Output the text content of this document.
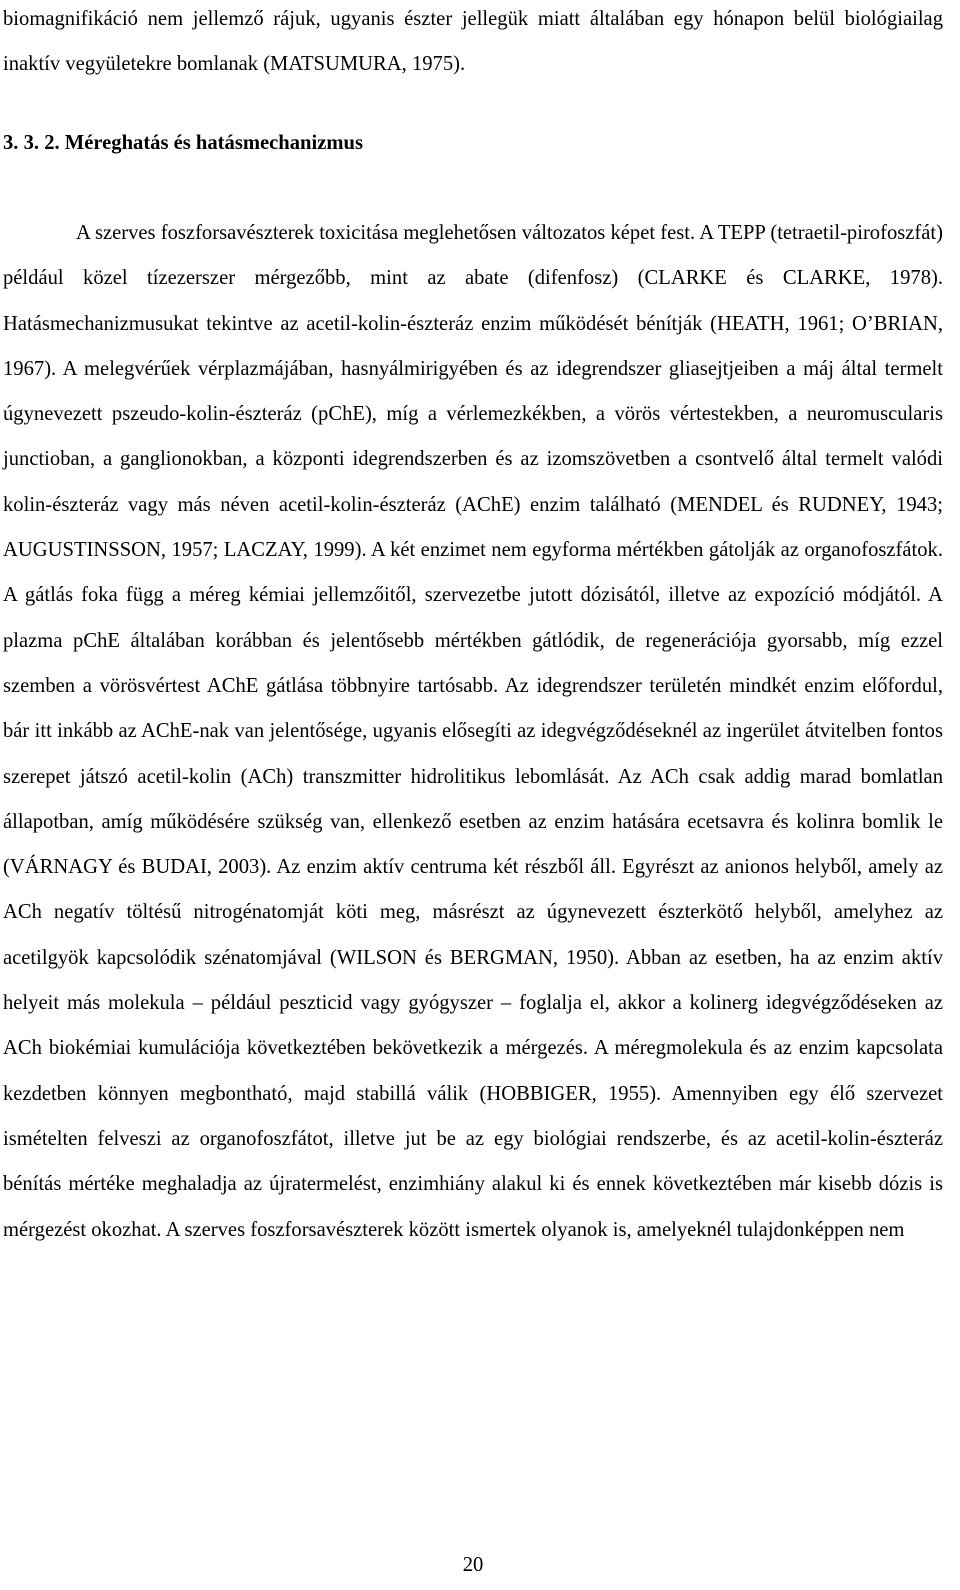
biomagnifikáció nem jellemző rájuk, ugyanis észter jellegük miatt általában egy hónapon belül biológiailag inaktív vegyületekre bomlanak (MATSUMURA, 1975).

3. 3. 2. Méreghatás és hatásmechanizmus

A szerves foszforsavészterek toxicitása meglehetősen változatos képet fest. A TEPP (tetraetil-pirofoszfát) például közel tízezerszer mérgezőbb, mint az abate (difenfosz) (CLARKE és CLARKE, 1978). Hatásmechanizmusukat tekintve az acetil-kolin-észteráz enzim működését bénítják (HEATH, 1961; O’BRIAN, 1967). A melegvérűek vérplazmájában, hasnyálmirigyében és az idegrendszer gliasejtjeiben a máj által termelt úgynevezett pszeudo-kolin-észteráz (pChE), míg a vérlemezkékben, a vörös vértestekben, a neuromuscularis junctioban, a ganglionokban, a központi idegrendszerben és az izomszövetben a csontvelő által termelt valódi kolin-észteráz vagy más néven acetil-kolin-észteráz (AChE) enzim található (MENDEL és RUDNEY, 1943; AUGUSTINSSON, 1957; LACZAY, 1999). A két enzimet nem egyforma mértékben gátolják az organofoszfátok. A gátlás foka függ a méreg kémiai jellemzőitől, szervezetbe jutott dózisától, illetve az expozíció módjától. A plazma pChE általában korábban és jelentősebb mértékben gátlódik, de regenerációja gyorsabb, míg ezzel szemben a vörösvértest AChE gátlása többnyire tartósabb. Az idegrendszer területén mindkét enzim előfordul, bár itt inkább az AChE-nak van jelentősége, ugyanis elősegíti az idegvégződéseknél az ingerület átvitelben fontos szerepet játszó acetil-kolin (ACh) transzmitter hidrolitikus lebomlását. Az ACh csak addig marad bomlatlan állapotban, amíg működésére szükség van, ellenkező esetben az enzim hatására ecetsavra és kolinra bomlik le (VÁRNAGY és BUDAI, 2003). Az enzim aktív centruma két részből áll. Egyrészt az anionos helyből, amely az ACh negatív töltésű nitrogénatomját köti meg, másrészt az úgynevezett észterkötő helyből, amelyhez az acetilgyök kapcsolódik szénatomjával (WILSON és BERGMAN, 1950). Abban az esetben, ha az enzim aktív helyeit más molekula – például peszticid vagy gyógyszer – foglalja el, akkor a kolinerg idegvégződéseken az ACh biokémiai kumulációja következtében bekövetkezik a mérgezés. A méregmolekula és az enzim kapcsolata kezdetben könnyen megbontható, majd stabillá válik (HOBBIGER, 1955). Amennyiben egy élő szervezet ismételten felveszi az organofoszfátot, illetve jut be az egy biológiai rendszerbe, és az acetil-kolin-észteráz bénítás mértéke meghaladja az újratermelést, enzimhiány alakul ki és ennek következtében már kisebb dózis is mérgezést okozhat. A szerves foszforsavészterek között ismertek olyanok is, amelyeknél tulajdonképpen nem

20
